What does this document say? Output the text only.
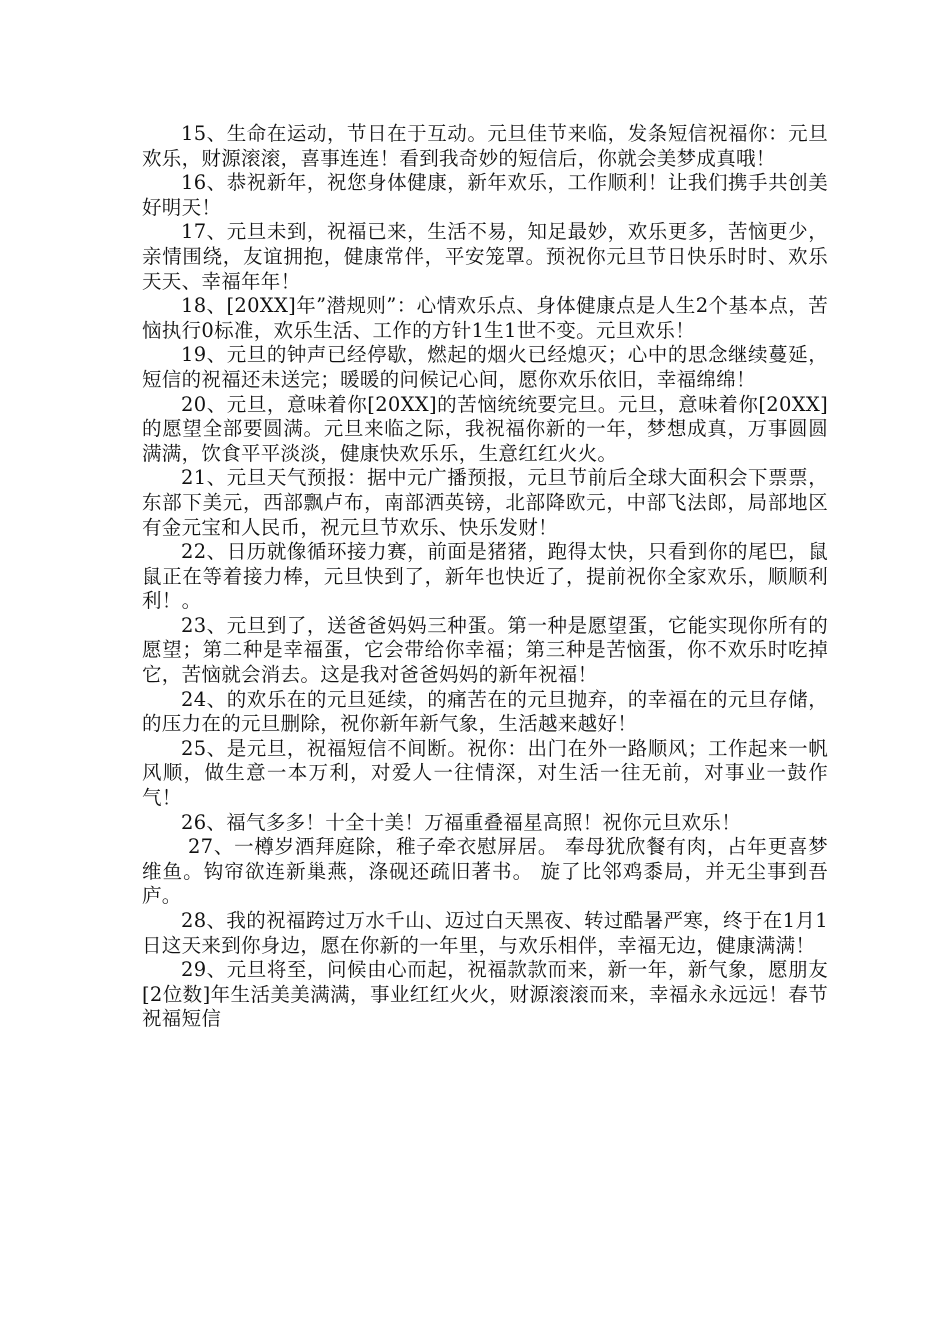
15、生命在运动，节日在于互动。元旦佳节来临，发条短信祝福你：元旦欢乐，财源滚滚，喜事连连！看到我奇妙的短信后，你就会美梦成真哦！

16、恭祝新年，祝您身体健康，新年欢乐，工作顺利！让我们携手共创美好明天！

17、元旦未到，祝福已来，生活不易，知足最妙，欢乐更多，苦恼更少，亲情围绕，友谊拥抱，健康常伴，平安笼罩。预祝你元旦节日快乐时时、欢乐天天、幸福年年！

18、[20XX]年”潜规则”：心情欢乐点、身体健康点是人生2个基本点，苦恼执行0标准，欢乐生活、工作的方针1生1世不变。元旦欢乐！

19、元旦的钟声已经停歇，燃起的烟火已经熄灭；心中的思念继续蔓延，短信的祝福还未送完；暖暖的问候记心间，愿你欢乐依旧，幸福绵绵！

20、元旦，意味着你[20XX]的苦恼统统要完旦。元旦，意味着你[20XX]的愿望全部要圆满。元旦来临之际，我祝福你新的一年，梦想成真，万事圆圆满满，饮食平平淡淡，健康快欢乐乐，生意红红火火。

21、元旦天气预报：据中元广播预报，元旦节前后全球大面积会下票票，东部下美元，西部飘卢布，南部洒英镑，北部降欧元，中部飞法郎，局部地区有金元宝和人民币，祝元旦节欢乐、快乐发财！

22、日历就像循环接力赛，前面是猪猪，跑得太快，只看到你的尾巴，鼠鼠正在等着接力棒，元旦快到了，新年也快近了，提前祝你全家欢乐，顺顺利利！。

23、元旦到了，送爸爸妈妈三种蛋。第一种是愿望蛋，它能实现你所有的愿望；第二种是幸福蛋，它会带给你幸福；第三种是苦恼蛋，你不欢乐时吃掉它，苦恼就会消去。这是我对爸爸妈妈的新年祝福！

24、的欢乐在的元旦延续，的痛苦在的元旦抛弃，的幸福在的元旦存储，的压力在的元旦删除，祝你新年新气象，生活越来越好！

25、是元旦，祝福短信不间断。祝你：出门在外一路顺风；工作起来一帆风顺，做生意一本万利，对爱人一往情深，对生活一往无前，对事业一鼓作气！

26、福气多多！十全十美！万福重叠福星高照！祝你元旦欢乐！

27、一樽岁酒拜庭除，稚子牵衣慰屏居。 奉母犹欣餐有肉，占年更喜梦维鱼。钩帘欲连新巢燕，涤砚还疏旧著书。 旋了比邻鸡黍局，并无尘事到吾庐。

28、我的祝福跨过万水千山、迈过白天黑夜、转过酷暑严寒，终于在1月1日这天来到你身边，愿在你新的一年里，与欢乐相伴，幸福无边，健康满满！

29、元旦将至，问候由心而起，祝福款款而来，新一年，新气象，愿朋友[2位数]年生活美美满满，事业红红火火，财源滚滚而来，幸福永永远远！春节祝福短信
